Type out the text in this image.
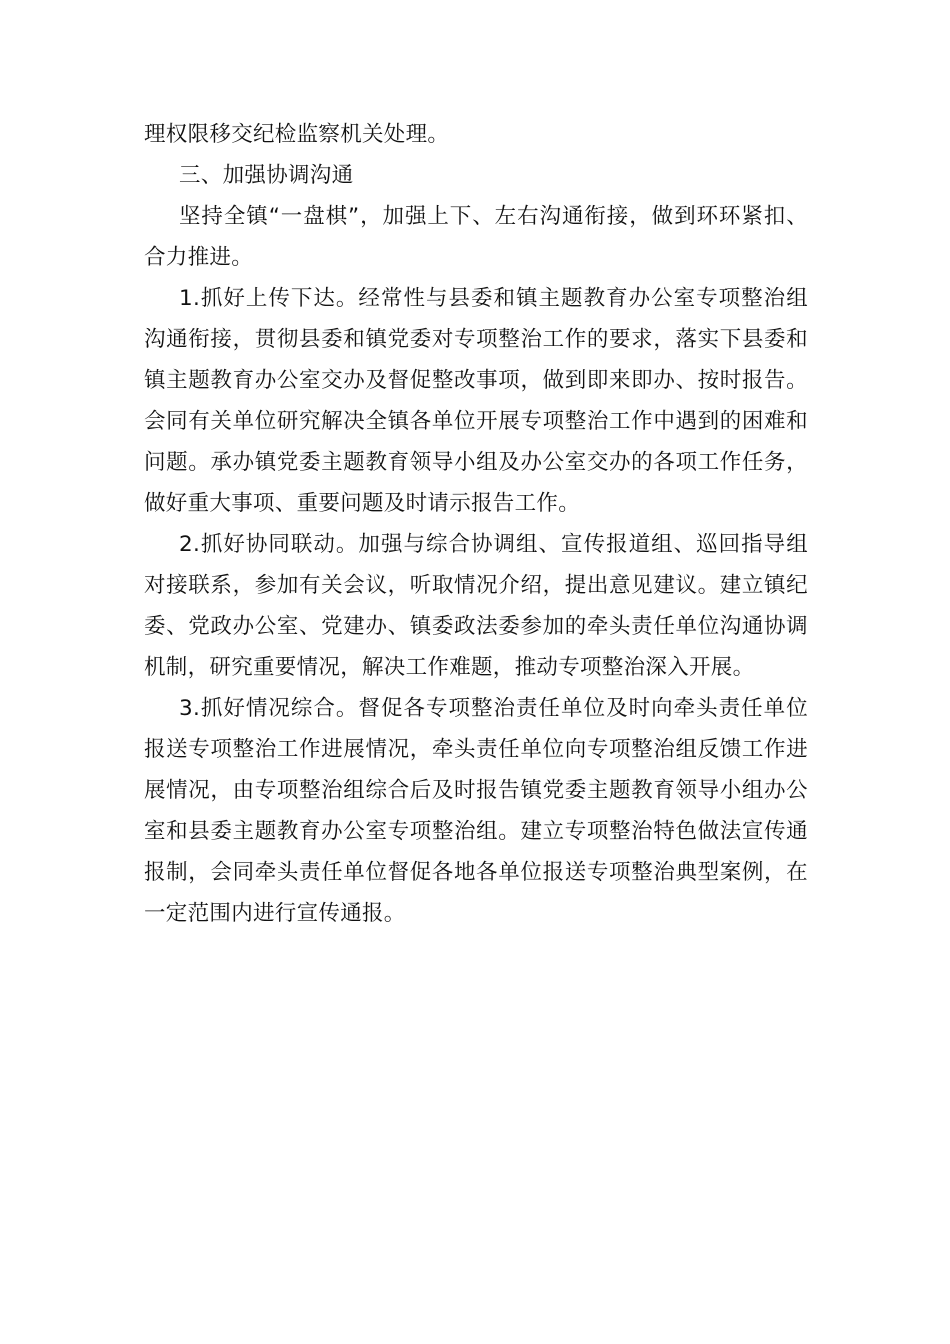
理权限移交纪检监察机关处理。

三、加强协调沟通

坚持全镇“一盘棋”，加强上下、左右沟通衔接，做到环环紧扣、合力推进。

1.抓好上传下达。经常性与县委和镇主题教育办公室专项整治组沟通衔接，贯彻县委和镇党委对专项整治工作的要求，落实下县委和镇主题教育办公室交办及督促整改事项，做到即来即办、按时报告。会同有关单位研究解决全镇各单位开展专项整治工作中遇到的困难和问题。承办镇党委主题教育领导小组及办公室交办的各项工作任务，做好重大事项、重要问题及时请示报告工作。

2.抓好协同联动。加强与综合协调组、宣传报道组、巡回指导组对接联系，参加有关会议，听取情况介绍，提出意见建议。建立镇纪委、党政办公室、党建办、镇委政法委参加的牵头责任单位沟通协调机制，研究重要情况，解决工作难题，推动专项整治深入开展。

3.抓好情况综合。督促各专项整治责任单位及时向牵头责任单位报送专项整治工作进展情况，牵头责任单位向专项整治组反馈工作进展情况，由专项整治组综合后及时报告镇党委主题教育领导小组办公室和县委主题教育办公室专项整治组。建立专项整治特色做法宣传通报制，会同牵头责任单位督促各地各单位报送专项整治典型案例，在一定范围内进行宣传通报。
